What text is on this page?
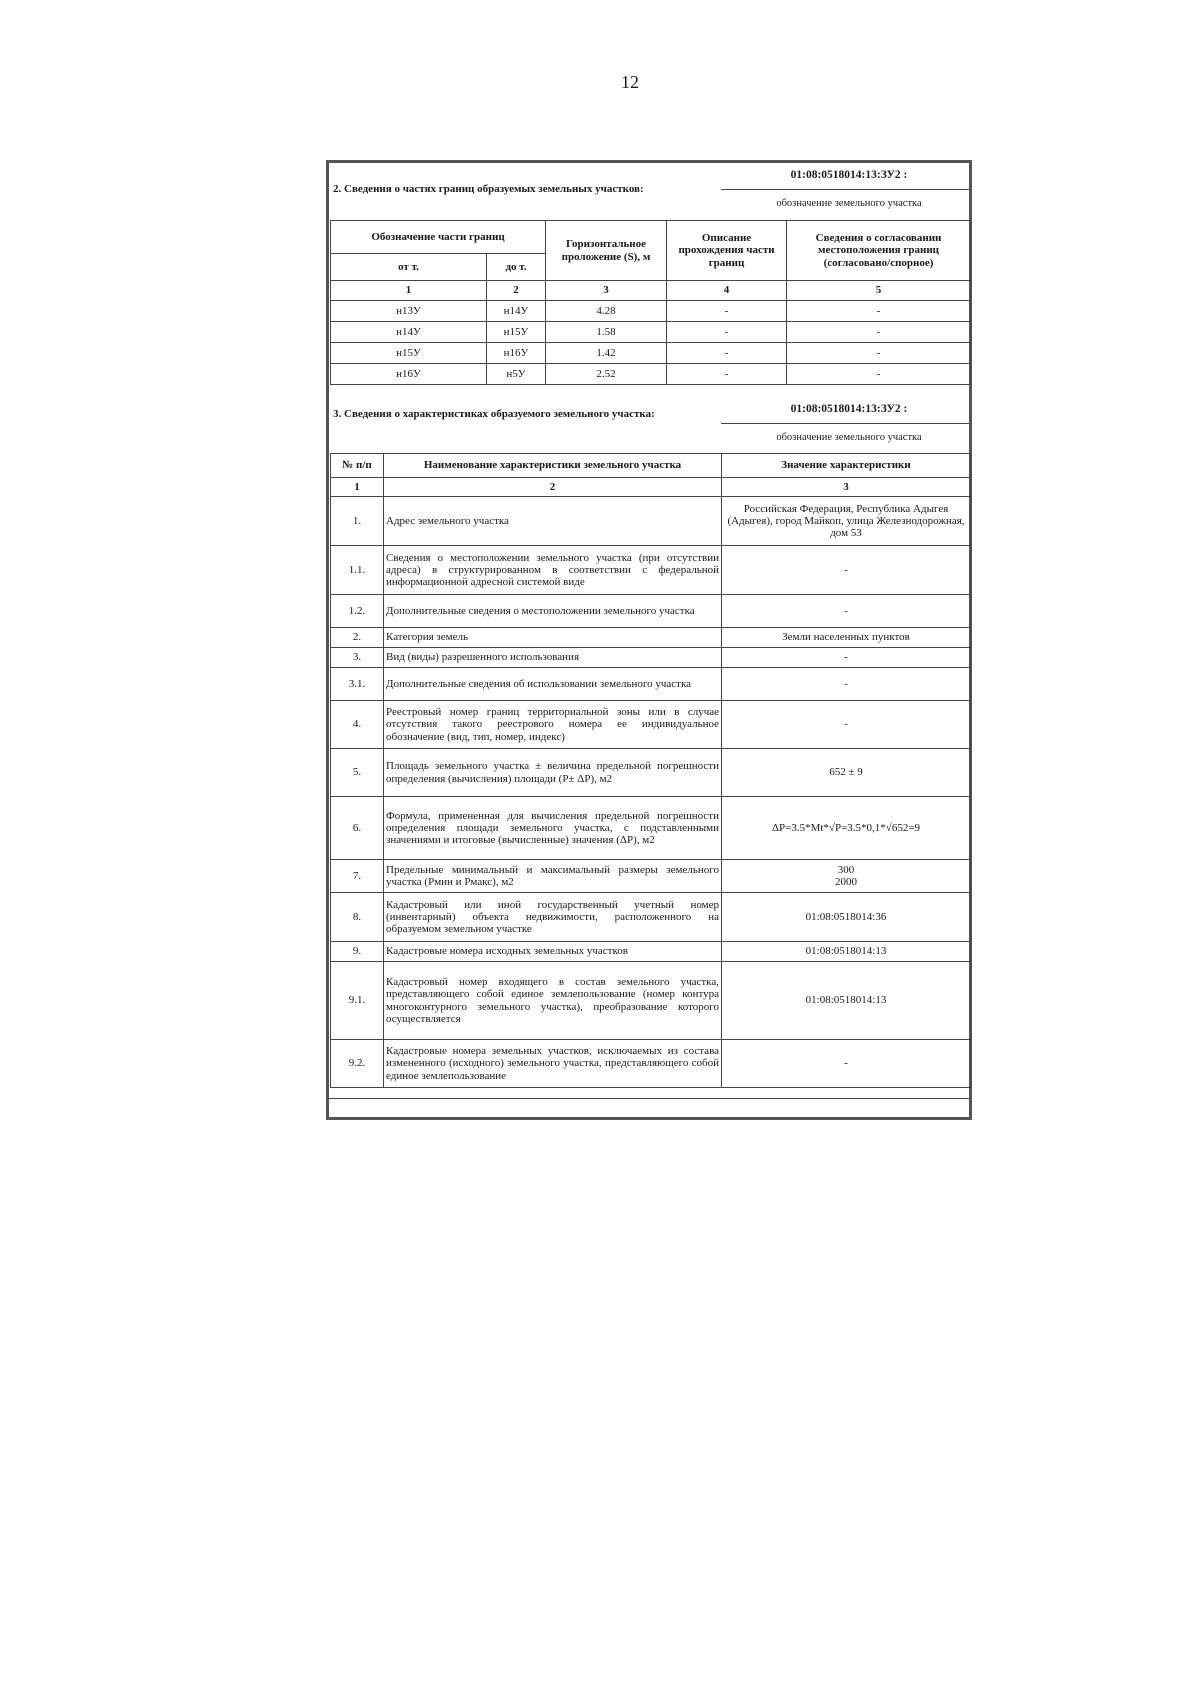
12
2. Сведения о частях границ образуемых земельных участков:
01:08:0518014:13:ЗУ2 :
обозначение земельного участка
Обозначение части границ		Горизонтальное проложение (S), м	Описание прохождения части границ	Сведения о согласовании местоположения границ (согласовано/спорное)
от т.	до т.			
1	2	3	4	5
н13У	н14У	4.28	-	-
н14У	н15У	1.58	-	-
н15У	н16У	1.42	-	-
н16У	н5У	2.52	-	-
3. Сведения о характеристиках образуемого земельного участка:	01:08:0518014:13:ЗУ2 :
обозначение земельного участка
№ п/п	Наименование характеристики земельного участка	Значение характеристики
1	2	3
1.	Адрес земельного участка	Российская Федерация, Республика Адыгея (Адыгея), город Майкоп, улица Железнодорожная, дом 53
1.1.	Сведения о местоположении земельного участка (при отсутствии адреса) в структурированном в соответствии с федеральной информационной адресной системой виде	-
1.2.	Дополнительные сведения о местоположении земельного участка	-
2.	Категория земель	Земли населенных пунктов
3.	Вид (виды) разрешенного использования	-
3.1.	Дополнительные сведения об использовании земельного участка	-
4.	Реестровый номер границ территориальной зоны или в случае отсутствия такого реестрового номера ее индивидуальное обозначение (вид, тип, номер, индекс)	-
5.	Площадь земельного участка ± величина предельной погрешности определения (вычисления) площади (P± ΔP), м2	652 ± 9
6.	Формула, примененная для вычисления предельной погрешности определения площади земельного участка, с подставленными значениями и итоговые (вычисленные) значения (ΔP), м2	ΔP=3.5*Mt*√P=3.5*0,1*√652=9
7.	Предельные минимальный и максимальный размеры земельного участка (Pмин и Pмакс), м2	300
2000
8.	Кадастровый или иной государственный учетный номер (инвентарный) объекта недвижимости, расположенного на образуемом земельном участке	01:08:0518014:36
9.	Кадастровые номера исходных земельных участков	01:08:0518014:13
9.1.	Кадастровый номер входящего в состав земельного участка, представляющего собой единое землепользование (номер контура многоконтурного земельного участка), преобразование которого осуществляется	01:08:0518014:13
9.2.	Кадастровые номера земельных участков, исключаемых из состава измененного (исходного) земельного участка, представляющего собой единое землепользование	-
